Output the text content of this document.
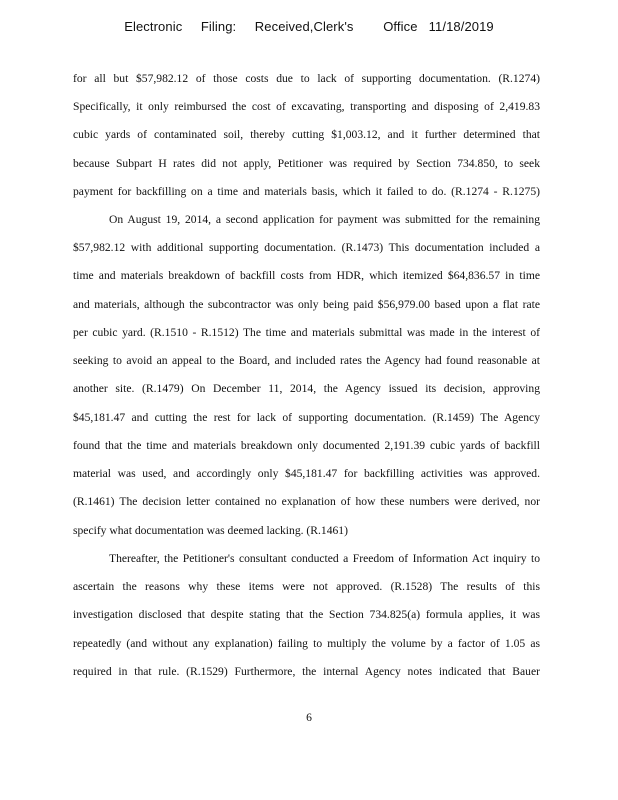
Electronic     Filing:     Received,Clerk's        Office   11/18/2019
for all but $57,982.12 of those costs due to lack of supporting documentation. (R.1274)
Specifically, it only reimbursed the cost of excavating, transporting and disposing of 2,419.83
cubic yards of contaminated soil, thereby cutting $1,003.12, and it further determined that
because Subpart H rates did not apply, Petitioner was required by Section 734.850, to seek
payment for backfilling on a time and materials basis, which it failed to do. (R.1274 - R.1275)
On August 19, 2014, a second application for payment was submitted for the remaining
$57,982.12 with additional supporting documentation. (R.1473) This documentation included a
time and materials breakdown of backfill costs from HDR, which itemized $64,836.57 in time
and materials, although the subcontractor was only being paid $56,979.00 based upon a flat rate
per cubic yard. (R.1510 - R.1512) The time and materials submittal was made in the interest of
seeking to avoid an appeal to the Board, and included rates the Agency had found reasonable at
another site. (R.1479) On December 11, 2014, the Agency issued its decision, approving
$45,181.47 and cutting the rest for lack of supporting documentation. (R.1459) The Agency
found that the time and materials breakdown only documented 2,191.39 cubic yards of backfill
material was used, and accordingly only $45,181.47 for backfilling activities was approved.
(R.1461) The decision letter contained no explanation of how these numbers were derived, nor
specify what documentation was deemed lacking. (R.1461)
Thereafter, the Petitioner's consultant conducted a Freedom of Information Act inquiry to
ascertain the reasons why these items were not approved. (R.1528) The results of this
investigation disclosed that despite stating that the Section 734.825(a) formula applies, it was
repeatedly (and without any explanation) failing to multiply the volume by a factor of 1.05 as
required in that rule. (R.1529) Furthermore, the internal Agency notes indicated that Bauer
6
